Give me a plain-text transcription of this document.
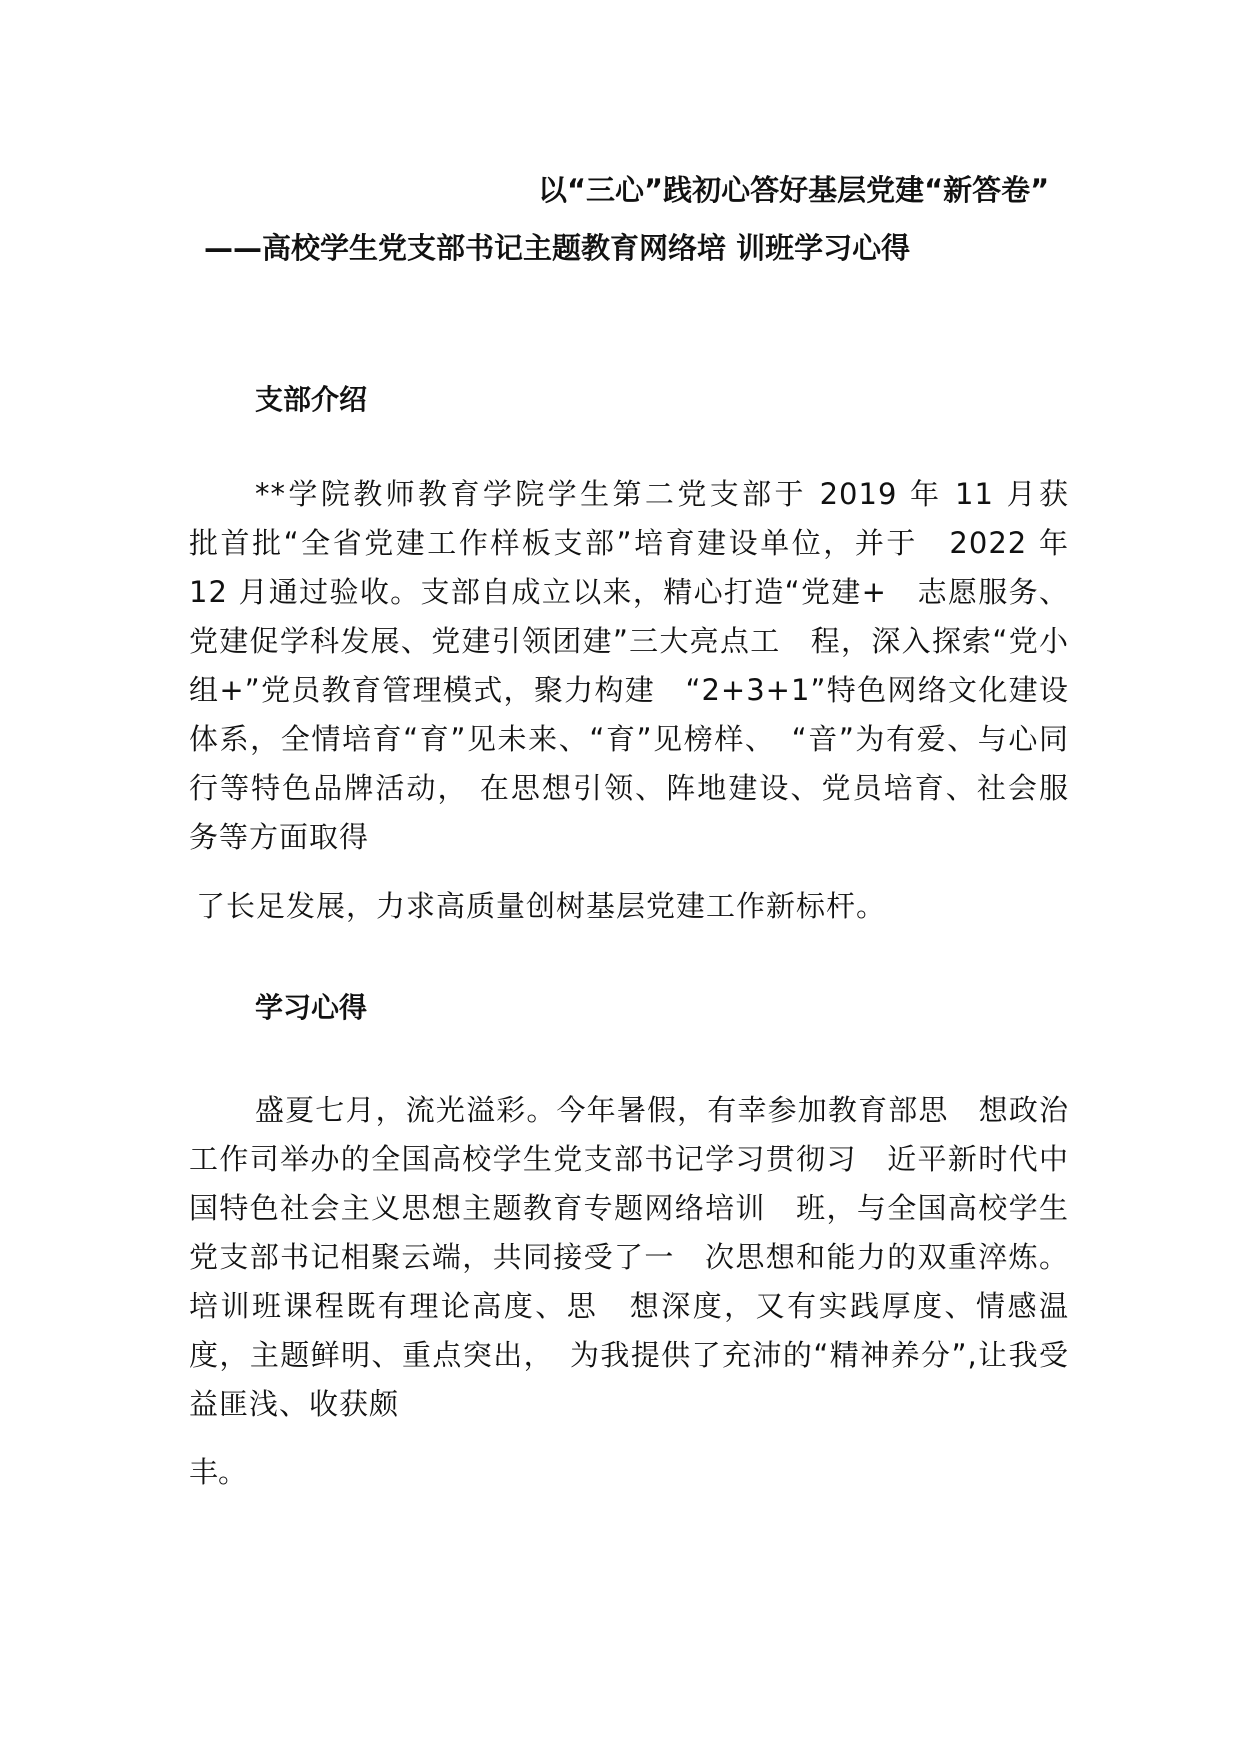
以“三心”践初心答好基层党建“新答卷”
——高校学生党支部书记主题教育网络培 训班学习心得
支部介绍
**学院教师教育学院学生第二党支部于 2019 年 11 月获　批首批“全省党建工作样板支部”培育建设单位，并于　2022 年 12 月通过验收。支部自成立以来，精心打造“党建+　志愿服务、党建促学科发展、党建引领团建”三大亮点工　程，深入探索“党小组+”党员教育管理模式，聚力构建　“2+3+1”特色网络文化建设体系，全情培育“育”见未来、“育”见榜样、　“音”为有爱、与心同行等特色品牌活动， 在思想引领、阵地建设、党员培育、社会服务等方面取得
了长足发展，力求高质量创树基层党建工作新标杆。
学习心得
盛夏七月，流光溢彩。今年暑假，有幸参加教育部思　想政治工作司举办的全国高校学生党支部书记学习贯彻习　近平新时代中国特色社会主义思想主题教育专题网络培训　班，与全国高校学生党支部书记相聚云端，共同接受了一　次思想和能力的双重淬炼。培训班课程既有理论高度、思　想深度，又有实践厚度、情感温度，主题鲜明、重点突出，　为我提供了充沛的“精神养分”,让我受益匪浅、收获颇
丰。
